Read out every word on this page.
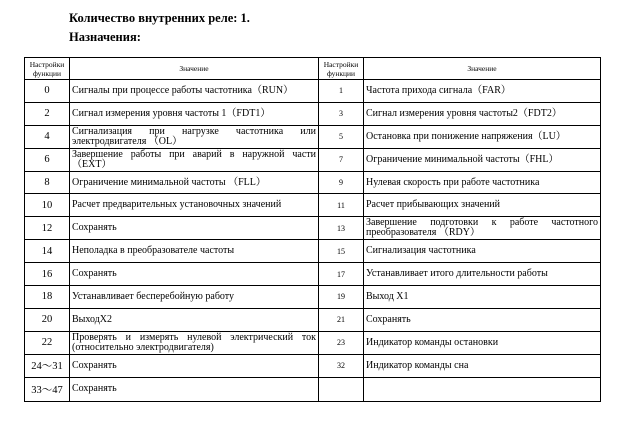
Количество внутренних реле: 1.
Назначения:
Настройки функции	Значение	Настройки функции	Значение
0	Сигналы при процессе работы частотника（RUN）	1	Частота прихода сигнала（FAR）
2	Сигнал измерения уровня частоты 1（FDT1）	3	Сигнал измерения уровня частоты2（FDT2）
4	Сигнализация при нагрузке частотника или электродвигателя （OL）	5	Остановка при понижение напряжения（LU）
6	Завершение работы при аварий в наружной части（EXT）	7	Ограничение минимальной частоты（FHL）
8	Ограничение минимальной частоты （FLL）	9	Нулевая скорость при работе частотника
10	Расчет предварительных установочных значений	11	Расчет прибывающих значений
12	Сохранять	13	Завершение подготовки к работе частотного преобразователя （RDY）
14	Неполадка в преобразователе частоты	15	Сигнализация частотника
16	Сохранять	17	Устанавливает итого длительности работы
18	Устанавливает бесперебойную работу	19	Выход X1
20	ВыходХ2	21	Сохранять
22	Проверять и измерять нулевой электрический ток (относительно электродвигателя)	23	Индикатор команды остановки
24～31	Сохранять	32	Индикатор команды сна
33～47	Сохранять		
